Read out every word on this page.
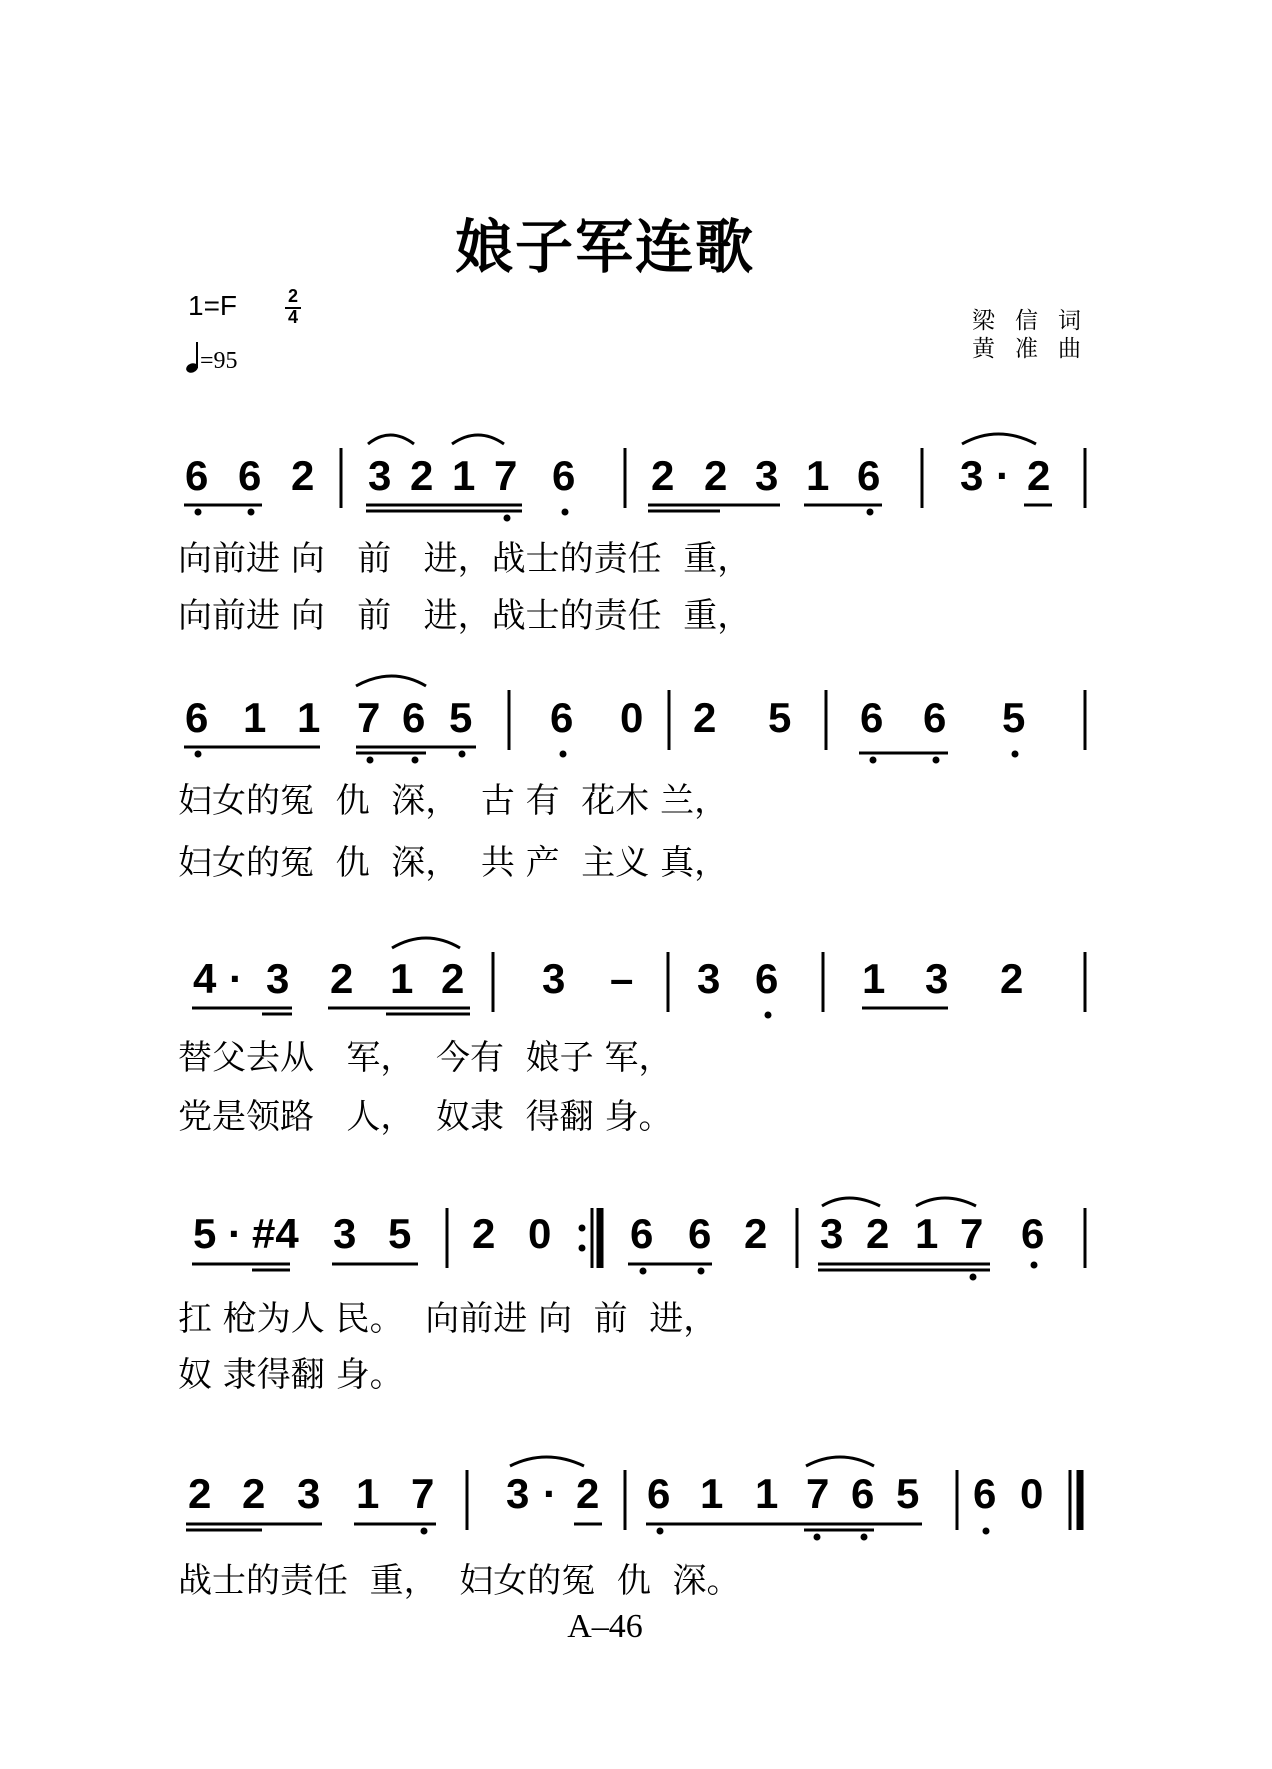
娘子军连歌
1=F	2
4
=95
梁信词
黄准曲
6 6 2 3 2 1 7 6 2 2 3 1 6 3 · 2
向前进 向   前   进，战士的责任  重，
向前进 向   前   进，战士的责任  重，
6 1 1 7 6 5 6 0 2 5 6 6 5
妇女的冤  仇  深，  古 有  花木 兰，
妇女的冤  仇  深，  共 产  主义 真，
4 · 3 2 1 2 3 – 3 6 1 3 2
替父去从   军，  今有  娘子 军，
党是领路   人，  奴隶  得翻 身。
5 · #4 3 5 2 0 6 6 2 3 2 1 7 6
扛 枪为人 民。  向前进 向  前  进，
奴 隶得翻 身。
2 2 3 1 7 3 · 2 6 1 1 7 6 5 6 0
战士的责任  重，  妇女的冤  仇  深。
A–46
